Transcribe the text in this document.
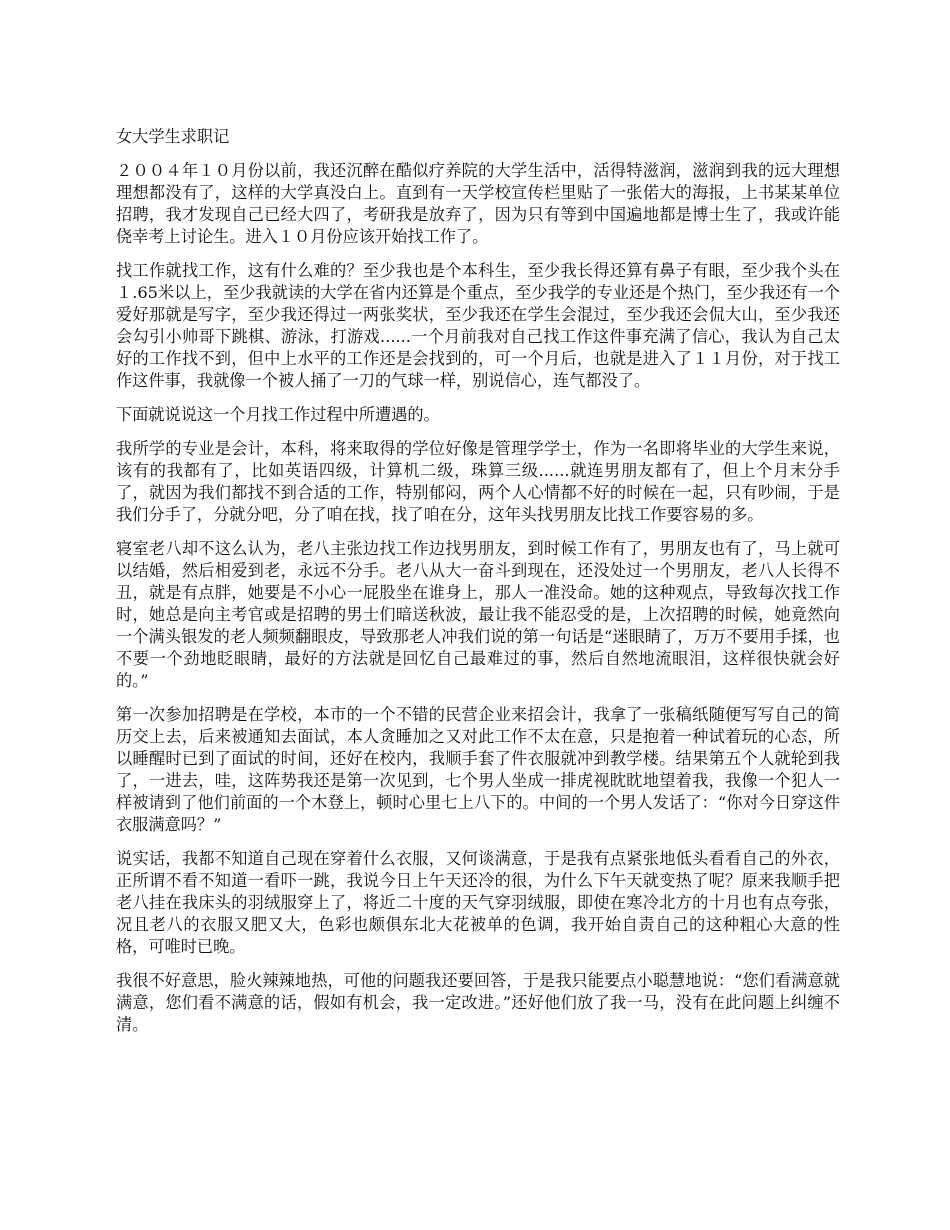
女大学生求职记

２００４年１０月份以前，我还沉醉在酷似疗养院的大学生活中，活得特滋润，滋润到我的远大理想理想都没有了，这样的大学真没白上。直到有一天学校宣传栏里贴了一张偌大的海报，上书某某单位招聘，我才发现自己已经大四了，考研我是放弃了，因为只有等到中国遍地都是博士生了，我或许能侥幸考上讨论生。进入１０月份应该开始找工作了。

找工作就找工作，这有什么难的？至少我也是个本科生，至少我长得还算有鼻子有眼，至少我个头在１.65米以上，至少我就读的大学在省内还算是个重点，至少我学的专业还是个热门，至少我还有一个爱好那就是写字，至少我还得过一两张奖状，至少我还在学生会混过，至少我还会侃大山，至少我还会勾引小帅哥下跳棋、游泳，打游戏......一个月前我对自己找工作这件事充满了信心，我认为自己太好的工作找不到，但中上水平的工作还是会找到的，可一个月后，也就是进入了１１月份，对于找工作这件事，我就像一个被人捅了一刀的气球一样，别说信心，连气都没了。

下面就说说这一个月找工作过程中所遭遇的。

我所学的专业是会计，本科，将来取得的学位好像是管理学学士，作为一名即将毕业的大学生来说，该有的我都有了，比如英语四级，计算机二级，珠算三级......就连男朋友都有了，但上个月末分手了，就因为我们都找不到合适的工作，特别郁闷，两个人心情都不好的时候在一起，只有吵闹，于是我们分手了，分就分吧，分了咱在找，找了咱在分，这年头找男朋友比找工作要容易的多。

寝室老八却不这么认为，老八主张边找工作边找男朋友，到时候工作有了，男朋友也有了，马上就可以结婚，然后相爱到老，永远不分手。老八从大一奋斗到现在，还没处过一个男朋友，老八人长得不丑，就是有点胖，她要是不小心一屁股坐在谁身上，那人一准没命。她的这种观点，导致每次找工作时，她总是向主考官或是招聘的男士们暗送秋波，最让我不能忍受的是，上次招聘的时候，她竟然向一个满头银发的老人频频翻眼皮，导致那老人冲我们说的第一句话是“迷眼睛了，万万不要用手揉，也不要一个劲地眨眼睛，最好的方法就是回忆自己最难过的事，然后自然地流眼泪，这样很快就会好的。”

第一次参加招聘是在学校，本市的一个不错的民营企业来招会计，我拿了一张稿纸随便写写自己的简历交上去，后来被通知去面试，本人贪睡加之又对此工作不太在意，只是抱着一种试着玩的心态，所以睡醒时已到了面试的时间，还好在校内，我顺手套了件衣服就冲到教学楼。结果第五个人就轮到我了，一进去，哇，这阵势我还是第一次见到，七个男人坐成一排虎视眈眈地望着我，我像一个犯人一样被请到了他们前面的一个木登上，顿时心里七上八下的。中间的一个男人发话了：“你对今日穿这件衣服满意吗？”

说实话，我都不知道自己现在穿着什么衣服，又何谈满意，于是我有点紧张地低头看看自己的外衣，正所谓不看不知道一看吓一跳，我说今日上午天还冷的很，为什么下午天就变热了呢？原来我顺手把老八挂在我床头的羽绒服穿上了，将近二十度的天气穿羽绒服，即使在寒冷北方的十月也有点夸张，况且老八的衣服又肥又大，色彩也颇俱东北大花被单的色调，我开始自责自己的这种粗心大意的性格，可唯时已晚。

我很不好意思，脸火辣辣地热，可他的问题我还要回答，于是我只能要点小聪慧地说：“您们看满意就满意，您们看不满意的话，假如有机会，我一定改进。”还好他们放了我一马，没有在此问题上纠缠不清。
